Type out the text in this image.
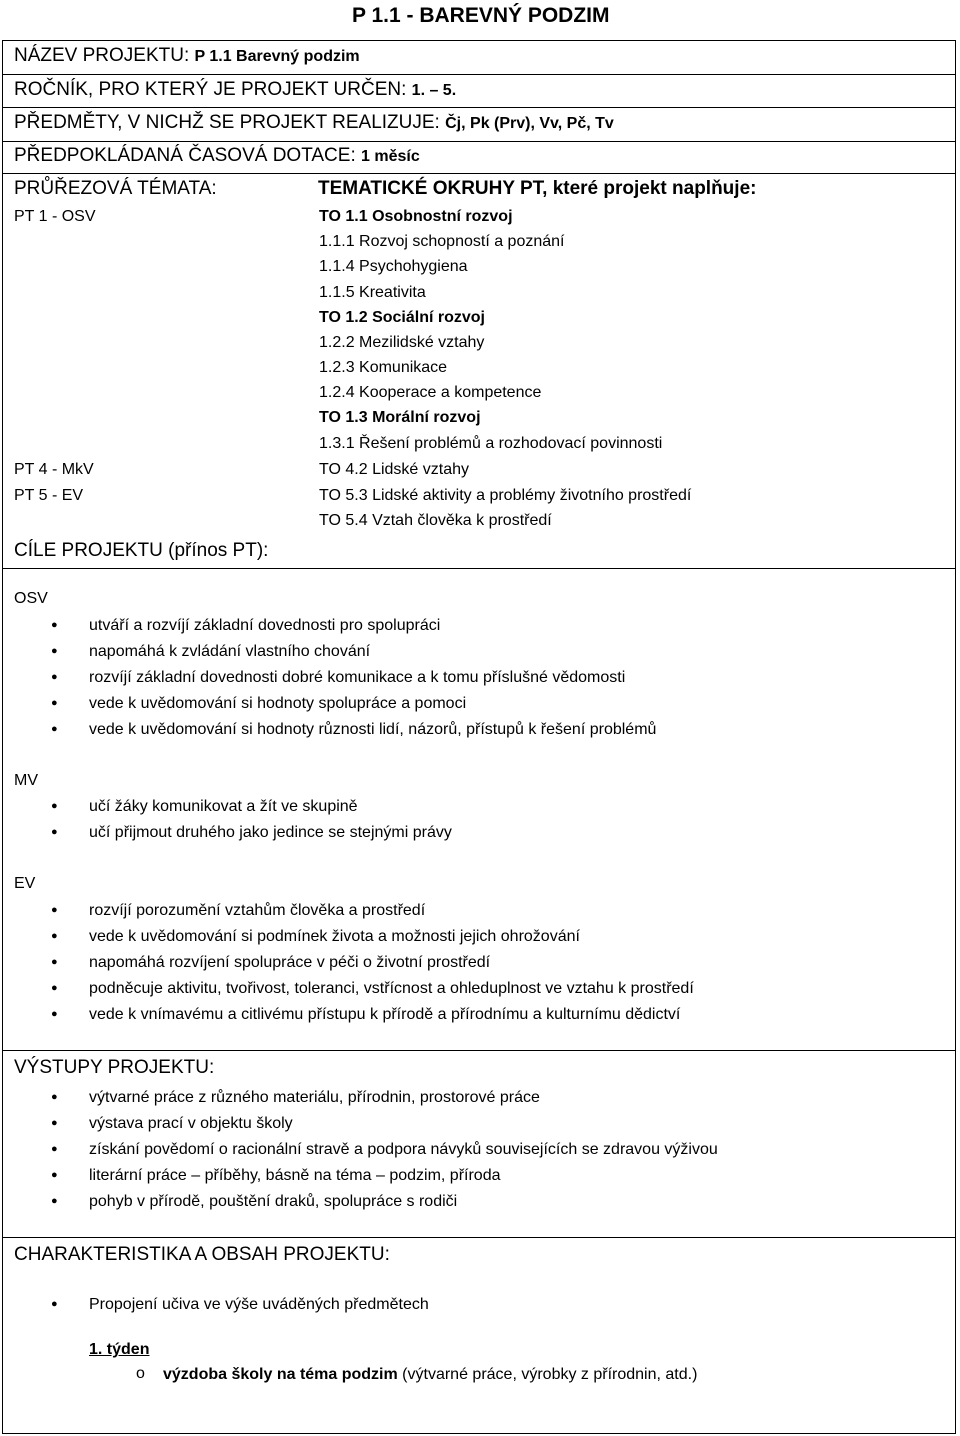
P 1.1 - BAREVNÝ PODZIM
NÁZEV PROJEKTU: P 1.1 Barevný podzim
ROČNÍK, PRO KTERÝ JE PROJEKT URČEN: 1. – 5.
PŘEDMĚTY, V NICHŽ SE PROJEKT REALIZUJE: Čj, Pk (Prv), Vv, Pč, Tv
PŘEDPOKLÁDANÁ ČASOVÁ DOTACE: 1 měsíc
PRŮŘEZOVÁ TÉMATA:	TEMATICKÉ OKRUHY PT, které projekt naplňuje:
PT 1 - OSV
PT 4 - MkV
PT 5 - EV
TO 1.1 Osobnostní rozvoj
1.1.1 Rozvoj schopností a poznání
1.1.4 Psychohygiena
1.1.5 Kreativita
TO 1.2 Sociální rozvoj
1.2.2 Mezilidské vztahy
1.2.3 Komunikace
1.2.4 Kooperace a kompetence
TO 1.3 Morální rozvoj
1.3.1 Řešení problémů a rozhodovací povinnosti
TO 4.2 Lidské vztahy
TO 5.3 Lidské aktivity a problémy životního prostředí
TO 5.4 Vztah člověka k prostředí
CÍLE PROJEKTU (přínos PT):
OSV
● utváří a rozvíjí základní dovednosti pro spolupráci
● napomáhá k zvládání vlastního chování
● rozvíjí základní dovednosti dobré komunikace a k tomu příslušné vědomosti
● vede k uvědomování si hodnoty spolupráce a pomoci
● vede k uvědomování si hodnoty různosti lidí, názorů, přístupů k řešení problémů
MV
● učí žáky komunikovat a žít ve skupině
● učí přijmout druhého jako jedince se stejnými právy
EV
● rozvíjí porozumění vztahům člověka a prostředí
● vede k uvědomování si podmínek života a možnosti jejich ohrožování
● napomáhá rozvíjení spolupráce v péči o životní prostředí
● podněcuje aktivitu, tvořivost, toleranci, vstřícnost a ohleduplnost ve vztahu k prostředí
● vede k vnímavému a citlivému přístupu k přírodě a přírodnímu a kulturnímu dědictví
VÝSTUPY PROJEKTU:
● výtvarné práce z různého materiálu, přírodnin, prostorové práce
● výstava prací v objektu školy
● získání povědomí o racionální stravě a podpora návyků souvisejících se zdravou výživou
● literární práce – příběhy, básně na téma – podzim, příroda
● pohyb v přírodě, pouštění draků, spolupráce s rodiči
CHARAKTERISTIKA A OBSAH PROJEKTU:
● Propojení učiva ve výše uváděných předmětech
1. týden
o výzdoba školy na téma podzim (výtvarné práce, výrobky z přírodnin, atd.)
